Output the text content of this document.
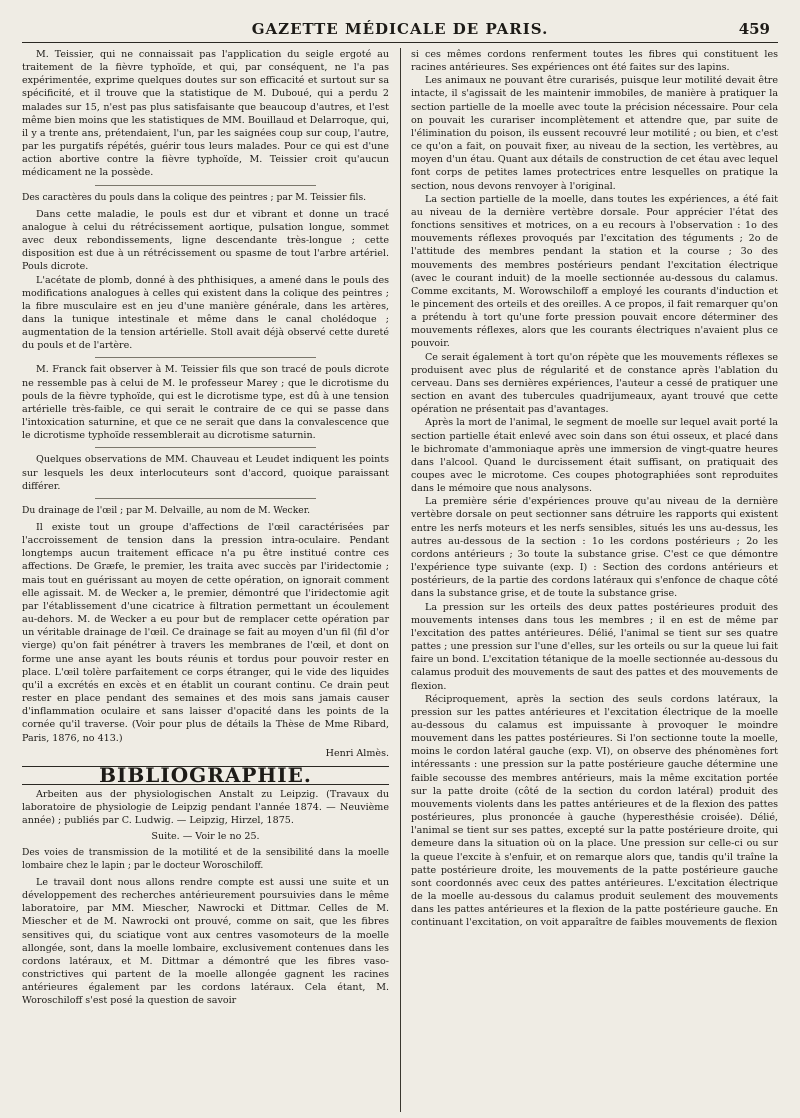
GAZETTE MÉDICALE DE PARIS.	459

M. Teissier, qui ne connaissait pas l'application du seigle ergoté au traitement de la fièvre typhoïde, et qui, par conséquent, ne l'a pas expérimentée, exprime quelques doutes sur son efficacité et surtout sur sa spécificité, et il trouve que la statistique de M. Duboué, qui a perdu 2 malades sur 15, n'est pas plus satisfaisante que beaucoup d'autres, et l'est même bien moins que les statistiques de MM. Bouillaud et Delarroque, qui, il y a trente ans, prétendaient, l'un, par les saignées coup sur coup, l'autre, par les purgatifs répétés, guérir tous leurs malades. Pour ce qui est d'une action abortive contre la fièvre typhoïde, M. Teissier croit qu'aucun médicament ne la possède.

Des caractères du pouls dans la colique des peintres ; par M. Teissier fils.

Dans cette maladie, le pouls est dur et vibrant et donne un tracé analogue à celui du rétrécissement aortique, pulsation longue, sommet avec deux rebondissements, ligne descendante très-longue ; cette disposition est due à un rétrécissement ou spasme de tout l'arbre artériel. Pouls dicrote.

L'acétate de plomb, donné à des phthisiques, a amené dans le pouls des modifications analogues à celles qui existent dans la colique des peintres ; la fibre musculaire est en jeu d'une manière générale, dans les artères, dans la tunique intestinale et même dans le canal cholédoque ; augmentation de la tension artérielle. Stoll avait déjà observé cette dureté du pouls et de l'artère.

M. Franck fait observer à M. Teissier fils que son tracé de pouls dicrote ne ressemble pas à celui de M. le professeur Marey ; que le dicrotisme du pouls de la fièvre typhoïde, qui est le dicrotisme type, est dû à une tension artérielle très-faible, ce qui serait le contraire de ce qui se passe dans l'intoxication saturnine, et que ce ne serait que dans la convalescence que le dicrotisme typhoïde ressemblerait au dicrotisme saturnin.

Quelques observations de MM. Chauveau et Leudet indiquent les points sur lesquels les deux interlocuteurs sont d'accord, quoique paraissant différer.

Du drainage de l'œil ; par M. Delvaille, au nom de M. Wecker.

Il existe tout un groupe d'affections de l'œil caractérisées par l'accroissement de tension dans la pression intra-oculaire. Pendant longtemps aucun traitement efficace n'a pu être institué contre ces affections. De Græfe, le premier, les traita avec succès par l'iridectomie ; mais tout en guérissant au moyen de cette opération, on ignorait comment elle agissait. M. de Wecker a, le premier, démontré que l'iridectomie agit par l'établissement d'une cicatrice à filtration permettant un écoulement au-dehors. M. de Wecker a eu pour but de remplacer cette opération par un véritable drainage de l'œil. Ce drainage se fait au moyen d'un fil (fil d'or vierge) qu'on fait pénétrer à travers les membranes de l'œil, et dont on forme une anse ayant les bouts réunis et tordus pour pouvoir rester en place. L'œil tolère parfaitement ce corps étranger, qui le vide des liquides qu'il a excrétés en excès et en établit un courant continu. Ce drain peut rester en place pendant des semaines et des mois sans jamais causer d'inflammation oculaire et sans laisser d'opacité dans les points de la cornée qu'il traverse. (Voir pour plus de détails la Thèse de Mme Ribard, Paris, 1876, no 413.)

Henri Almès.

BIBLIOGRAPHIE.

Arbeiten aus der physiologischen Anstalt zu Leipzig. (Travaux du laboratoire de physiologie de Leipzig pendant l'année 1874. — Neuvième année) ; publiés par C. Ludwig. — Leipzig, Hirzel, 1875.

Suite. — Voir le no 25.

Des voies de transmission de la motilité et de la sensibilité dans la moelle lombaire chez le lapin ; par le docteur Woroschiloff.

Le travail dont nous allons rendre compte est aussi une suite et un développement des recherches antérieurement poursuivies dans le même laboratoire, par MM. Miescher, Nawrocki et Dittmar. Celles de M. Miescher et de M. Nawrocki ont prouvé, comme on sait, que les fibres sensitives qui, du sciatique vont aux centres vasomoteurs de la moelle allongée, sont, dans la moelle lombaire, exclusivement contenues dans les cordons latéraux, et M. Dittmar a démontré que les fibres vaso-constrictives qui partent de la moelle allongée gagnent les racines antérieures également par les cordons latéraux. Cela étant, M. Woroschiloff s'est posé la question de savoir

si ces mêmes cordons renferment toutes les fibres qui constituent les racines antérieures. Ses expériences ont été faites sur des lapins.

Les animaux ne pouvant être curarisés, puisque leur motilité devait être intacte, il s'agissait de les maintenir immobiles, de manière à pratiquer la section partielle de la moelle avec toute la précision nécessaire. Pour cela on pouvait les curariser incomplètement et attendre que, par suite de l'élimination du poison, ils eussent recouvré leur motilité ; ou bien, et c'est ce qu'on a fait, on pouvait fixer, au niveau de la section, les vertèbres, au moyen d'un étau. Quant aux détails de construction de cet étau avec lequel font corps de petites lames protectrices entre lesquelles on pratique la section, nous devons renvoyer à l'original.

La section partielle de la moelle, dans toutes les expériences, a été fait au niveau de la dernière vertèbre dorsale. Pour apprécier l'état des fonctions sensitives et motrices, on a eu recours à l'observation : 1o des mouvements réflexes provoqués par l'excitation des téguments ; 2o de l'attitude des membres pendant la station et la course ; 3o des mouvements des membres postérieurs pendant l'excitation électrique (avec le courant induit) de la moelle sectionnée au-dessous du calamus. Comme excitants, M. Worowschiloff a employé les courants d'induction et le pincement des orteils et des oreilles. A ce propos, il fait remarquer qu'on a prétendu à tort qu'une forte pression pouvait encore déterminer des mouvements réflexes, alors que les courants électriques n'avaient plus ce pouvoir.

Ce serait également à tort qu'on répète que les mouvements réflexes se produisent avec plus de régularité et de constance après l'ablation du cerveau. Dans ses dernières expériences, l'auteur a cessé de pratiquer une section en avant des tubercules quadrijumeaux, ayant trouvé que cette opération ne présentait pas d'avantages.

Après la mort de l'animal, le segment de moelle sur lequel avait porté la section partielle était enlevé avec soin dans son étui osseux, et placé dans le bichromate d'ammoniaque après une immersion de vingt-quatre heures dans l'alcool. Quand le durcissement était suffisant, on pratiquait des coupes avec le microtome. Ces coupes photographiées sont reproduites dans le mémoire que nous analysons.

La première série d'expériences prouve qu'au niveau de la dernière vertèbre dorsale on peut sectionner sans détruire les rapports qui existent entre les nerfs moteurs et les nerfs sensibles, situés les uns au-dessus, les autres au-dessous de la section : 1o les cordons postérieurs ; 2o les cordons antérieurs ; 3o toute la substance grise. C'est ce que démontre l'expérience type suivante (exp. I) : Section des cordons antérieurs et postérieurs, de la partie des cordons latéraux qui s'enfonce de chaque côté dans la substance grise, et de toute la substance grise.

La pression sur les orteils des deux pattes postérieures produit des mouvements intenses dans tous les membres ; il en est de même par l'excitation des pattes antérieures. Délié, l'animal se tient sur ses quatre pattes ; une pression sur l'une d'elles, sur les orteils ou sur la queue lui fait faire un bond. L'excitation tétanique de la moelle sectionnée au-dessous du calamus produit des mouvements de saut des pattes et des mouvements de flexion.

Réciproquement, après la section des seuls cordons latéraux, la pression sur les pattes antérieures et l'excitation électrique de la moelle au-dessous du calamus est impuissante à provoquer le moindre mouvement dans les pattes postérieures. Si l'on sectionne toute la moelle, moins le cordon latéral gauche (exp. VI), on observe des phénomènes fort intéressants : une pression sur la patte postérieure gauche détermine une faible secousse des membres antérieurs, mais la même excitation portée sur la patte droite (côté de la section du cordon latéral) produit des mouvements violents dans les pattes antérieures et de la flexion des pattes postérieures, plus prononcée à gauche (hyperesthésie croisée). Délié, l'animal se tient sur ses pattes, excepté sur la patte postérieure droite, qui demeure dans la situation où on la place. Une pression sur celle-ci ou sur la queue l'excite à s'enfuir, et on remarque alors que, tandis qu'il traîne la patte postérieure droite, les mouvements de la patte postérieure gauche sont coordonnés avec ceux des pattes antérieures. L'excitation électrique de la moelle au-dessous du calamus produit seulement des mouvements dans les pattes antérieures et la flexion de la patte postérieure gauche. En continuant l'excitation, on voit apparaître de faibles mouvements de flexion
